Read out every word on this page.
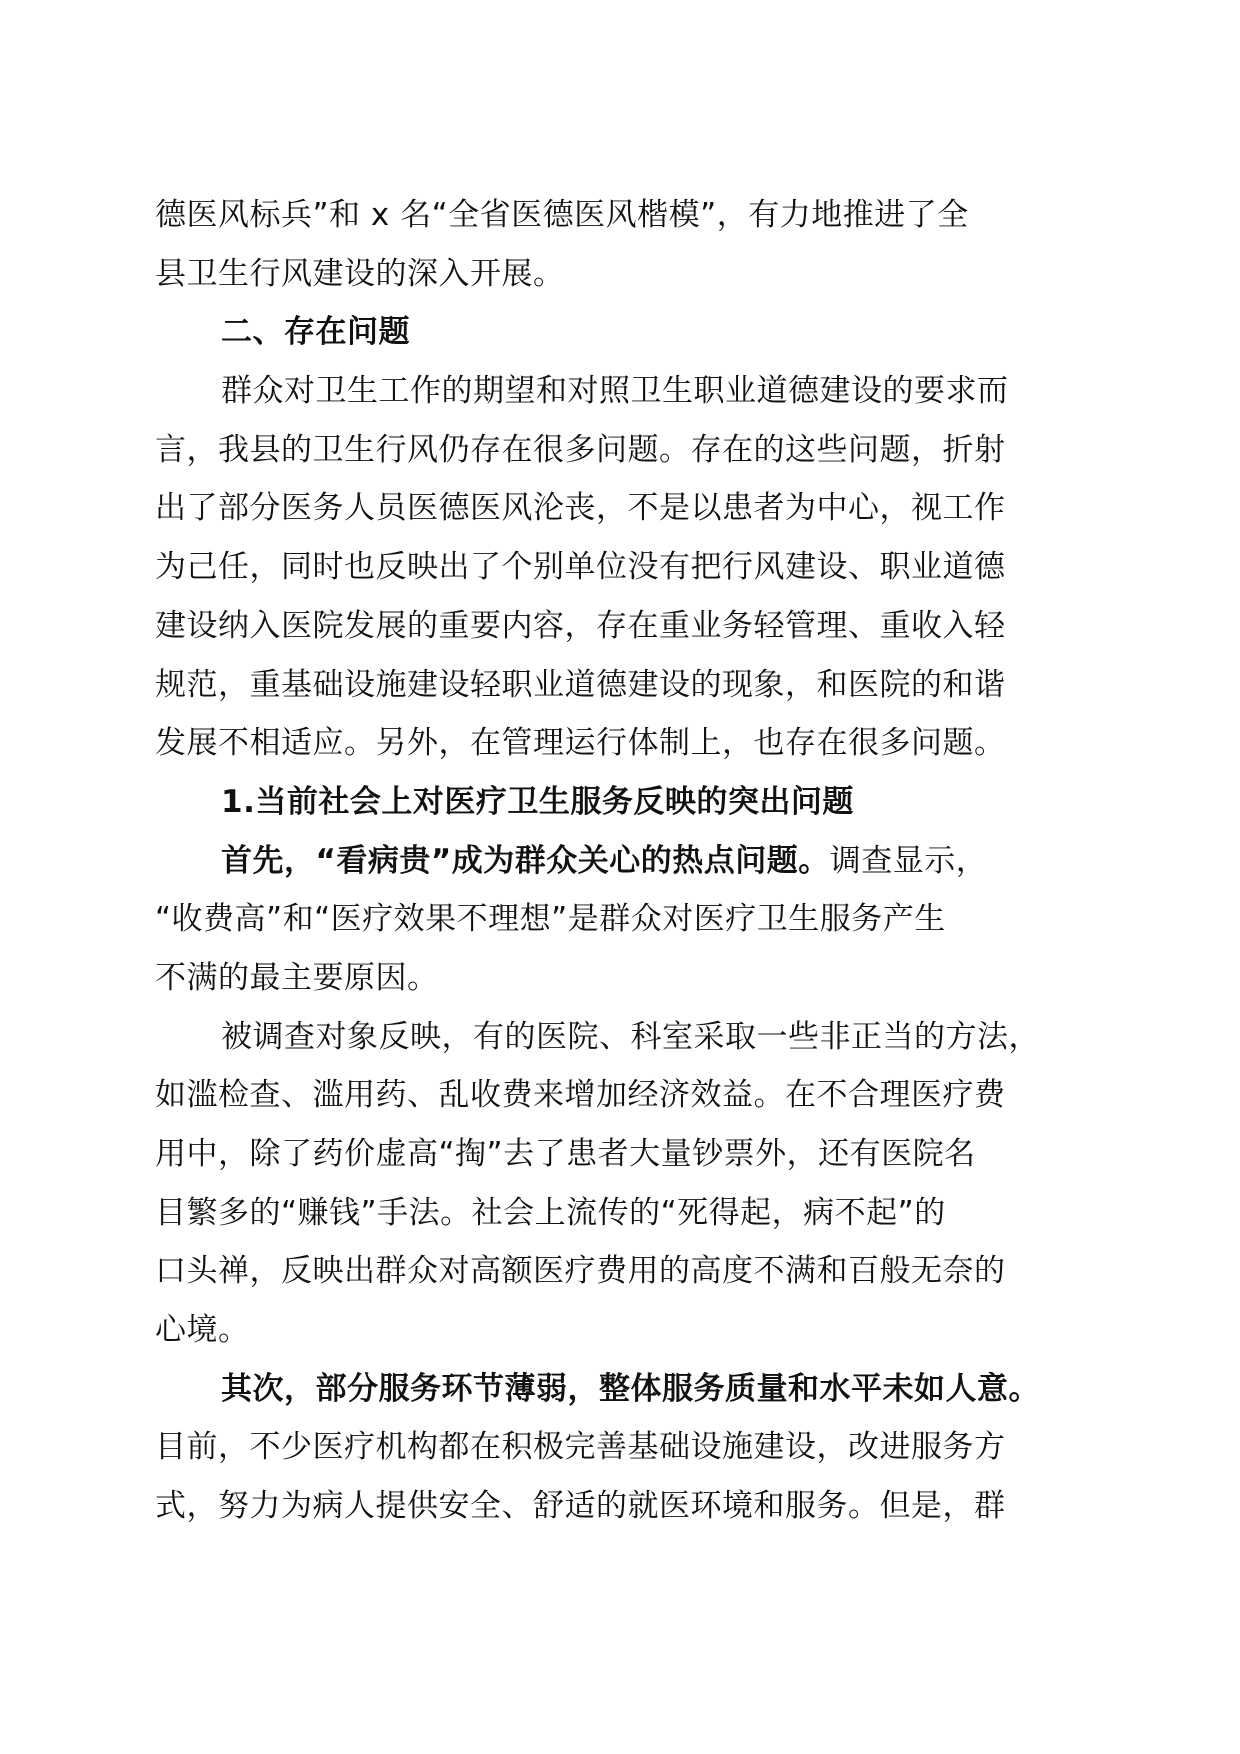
德医风标兵”和 x 名“全省医德医风楷模”，有力地推进了全
县卫生行风建设的深入开展。
二、存在问题
群众对卫生工作的期望和对照卫生职业道德建设的要求而
言，我县的卫生行风仍存在很多问题。存在的这些问题，折射
出了部分医务人员医德医风沦丧，不是以患者为中心，视工作
为己任，同时也反映出了个别单位没有把行风建设、职业道德
建设纳入医院发展的重要内容，存在重业务轻管理、重收入轻
规范，重基础设施建设轻职业道德建设的现象，和医院的和谐
发展不相适应。另外，在管理运行体制上，也存在很多问题。
1.当前社会上对医疗卫生服务反映的突出问题
首先，“看病贵”成为群众关心的热点问题。调查显示，
“收费高”和“医疗效果不理想”是群众对医疗卫生服务产生
不满的最主要原因。
被调查对象反映，有的医院、科室采取一些非正当的方法，
如滥检查、滥用药、乱收费来增加经济效益。在不合理医疗费
用中，除了药价虚高“掏”去了患者大量钞票外，还有医院名
目繁多的“赚钱”手法。社会上流传的“死得起，病不起”的
口头禅，反映出群众对高额医疗费用的高度不满和百般无奈的
心境。
其次，部分服务环节薄弱，整体服务质量和水平未如人意。
目前，不少医疗机构都在积极完善基础设施建设，改进服务方
式，努力为病人提供安全、舒适的就医环境和服务。但是，群
